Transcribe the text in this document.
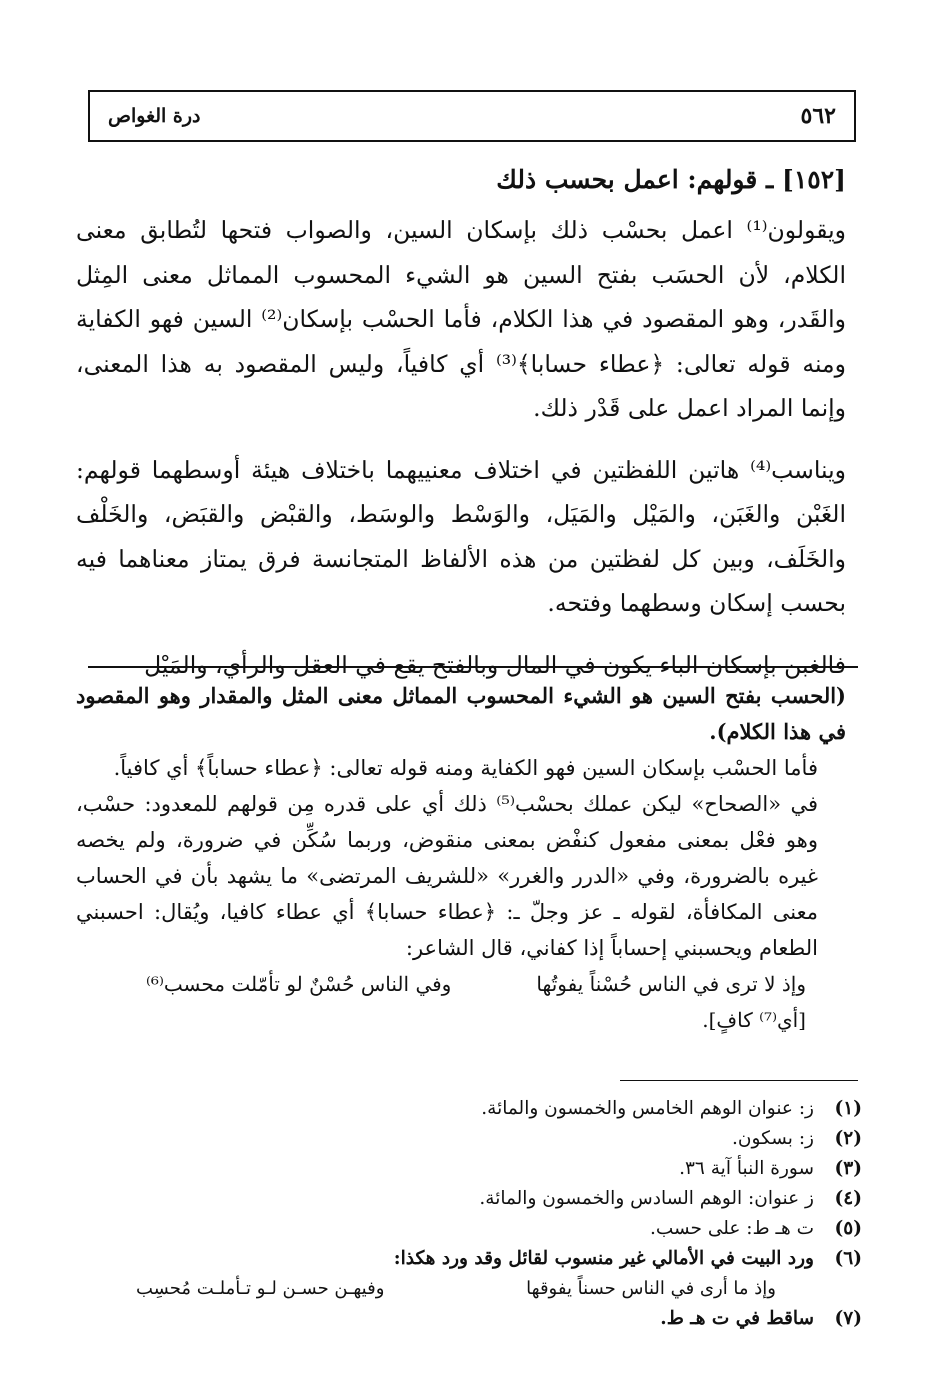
٥٦٢
درة الغواص
[١٥٢] ـ قولهم: اعمل بحسب ذلك

ويقولون⁽¹⁾ اعمل بحسْب ذلك بإسكان السين، والصواب فتحها لتُطابق معنى الكلام، لأن الحسَب بفتح السين هو الشيء المحسوب المماثل معنى المِثل والقَدر، وهو المقصود في هذا الكلام، فأما الحسْب بإسكان⁽²⁾ السين فهو الكفاية ومنه قوله تعالى: ﴿عطاء حسابا﴾⁽³⁾ أي كافياً، وليس المقصود به هذا المعنى، وإنما المراد اعمل على قَدْر ذلك.

ويناسب⁽⁴⁾ هاتين اللفظتين في اختلاف معنييهما باختلاف هيئة أوسطهما قولهم: الغَبْن والغَبَن، والمَيْل والمَيَل، والوَسْط والوسَط، والقبْض والقبَض، والخَلْف والخَلَف، وبين كل لفظتين من هذه الألفاظ المتجانسة فرق يمتاز معناهما فيه بحسب إسكان وسطهما وفتحه.

فالغبن بإسكان الباء يكون في المال وبالفتح يقع في العقل والرأي، والمَيْل

(الحسب بفتح السين هو الشيء المحسوب المماثل معنى المثل والمقدار وهو المقصود في هذا الكلام).

فأما الحسْب بإسكان السين فهو الكفاية ومنه قوله تعالى: ﴿عطاء حساباً﴾ أي كافياً.

في «الصحاح» ليكن عملك بحسْب⁽⁵⁾ ذلك أي على قدره مِن قولهم للمعدود: حسْب، وهو فعْل بمعنى مفعول كنفْض بمعنى منقوض، وربما سُكِّن في ضرورة، ولم يخصه غيره بالضرورة، وفي «الدرر والغرر» «للشريف المرتضى» ما يشهد بأن في الحساب معنى المكافأة، لقوله ـ عز وجلّ ـ: ﴿عطاء حسابا﴾ أي عطاء كافيا، ويُقال: احسبني الطعام ويحسبني إحساباً إذا كفاني، قال الشاعر:

وإذ لا ترى في الناس حُسْناً يفوتُها
وفي الناس حُسْنٌ لو تأمّلت محسب⁽⁶⁾
[أي⁽⁷⁾ كافٍ].
(١)
ز: عنوان الوهم الخامس والخمسون والمائة.
(٢)
ز: بسكون.
(٣)
سورة النبأ آية ٣٦.
(٤)
ز عنوان: الوهم السادس والخمسون والمائة.
(٥)
ت هـ ط: على حسب.
(٦)
ورد البيت في الأمالي غير منسوب لقائل وقد ورد هكذا:
وإذ ما أرى في الناس حسناً يفوقها
وفيهـن حسـن لـو تـأملـت مُحسِب
(٧)
ساقط في ت هـ ط.
